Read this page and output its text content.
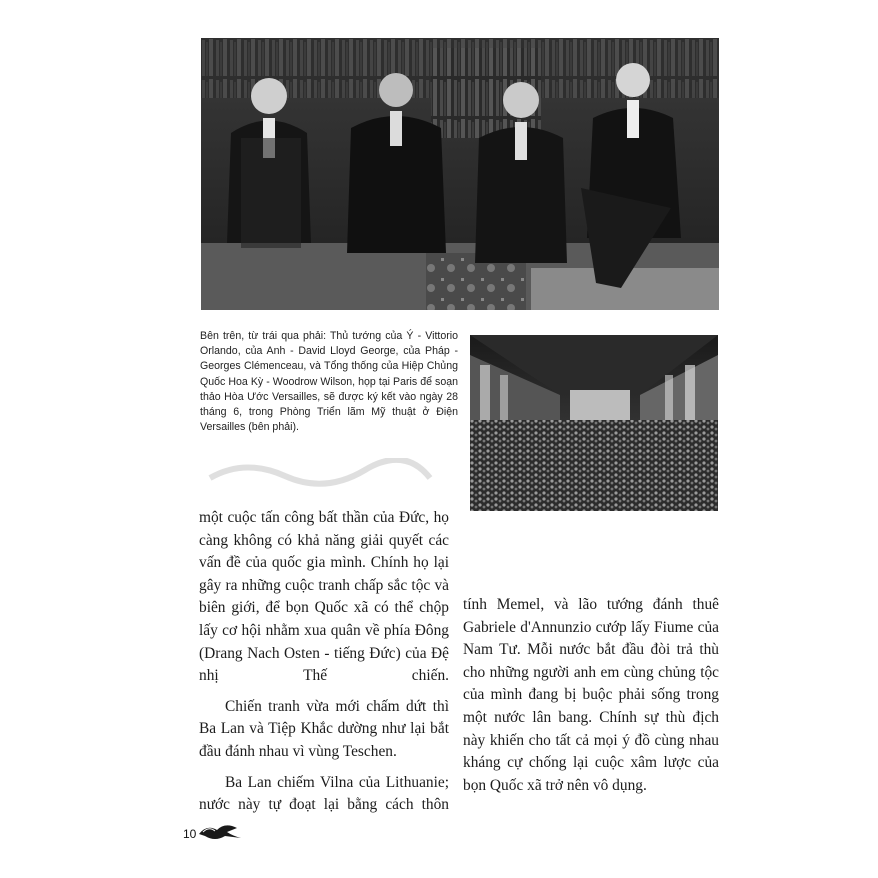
Bên trên, từ trái qua phải: Thủ tướng của Ý - Vittorio Orlando, của Anh - David Lloyd George, của Pháp - Georges Clémenceau, và Tổng thống của Hiệp Chủng Quốc Hoa Kỳ - Woodrow Wilson, họp tại Paris để soạn thảo Hòa Ước Versailles, sẽ được ký kết vào ngày 28 tháng 6, trong Phòng Triển lãm Mỹ thuật ở Điện Versailles (bên phải).

một cuộc tấn công bất thần của Đức, họ càng không có khả năng giải quyết các vấn đề của quốc gia mình. Chính họ lại gây ra những cuộc tranh chấp sắc tộc và biên giới, để bọn Quốc xã có thể chộp lấy cơ hội nhằm xua quân về phía Đông (Drang Nach Osten - tiếng Đức) của Đệ nhị Thế chiến.

Chiến tranh vừa mới chấm dứt thì Ba Lan và Tiệp Khắc dường như lại bắt đầu đánh nhau vì vùng Teschen.

Ba Lan chiếm Vilna của Lithuanie; nước này tự đoạt lại bằng cách thôn

tính Memel, và lão tướng đánh thuê Gabriele d'Annunzio cướp lấy Fiume của Nam Tư. Mỗi nước bắt đầu đòi trả thù cho những người anh em cùng chủng tộc của mình đang bị buộc phải sống trong một nước lân bang. Chính sự thù địch này khiến cho tất cả mọi ý đồ cùng nhau kháng cự chống lại cuộc xâm lược của bọn Quốc xã trở nên vô dụng.

10
